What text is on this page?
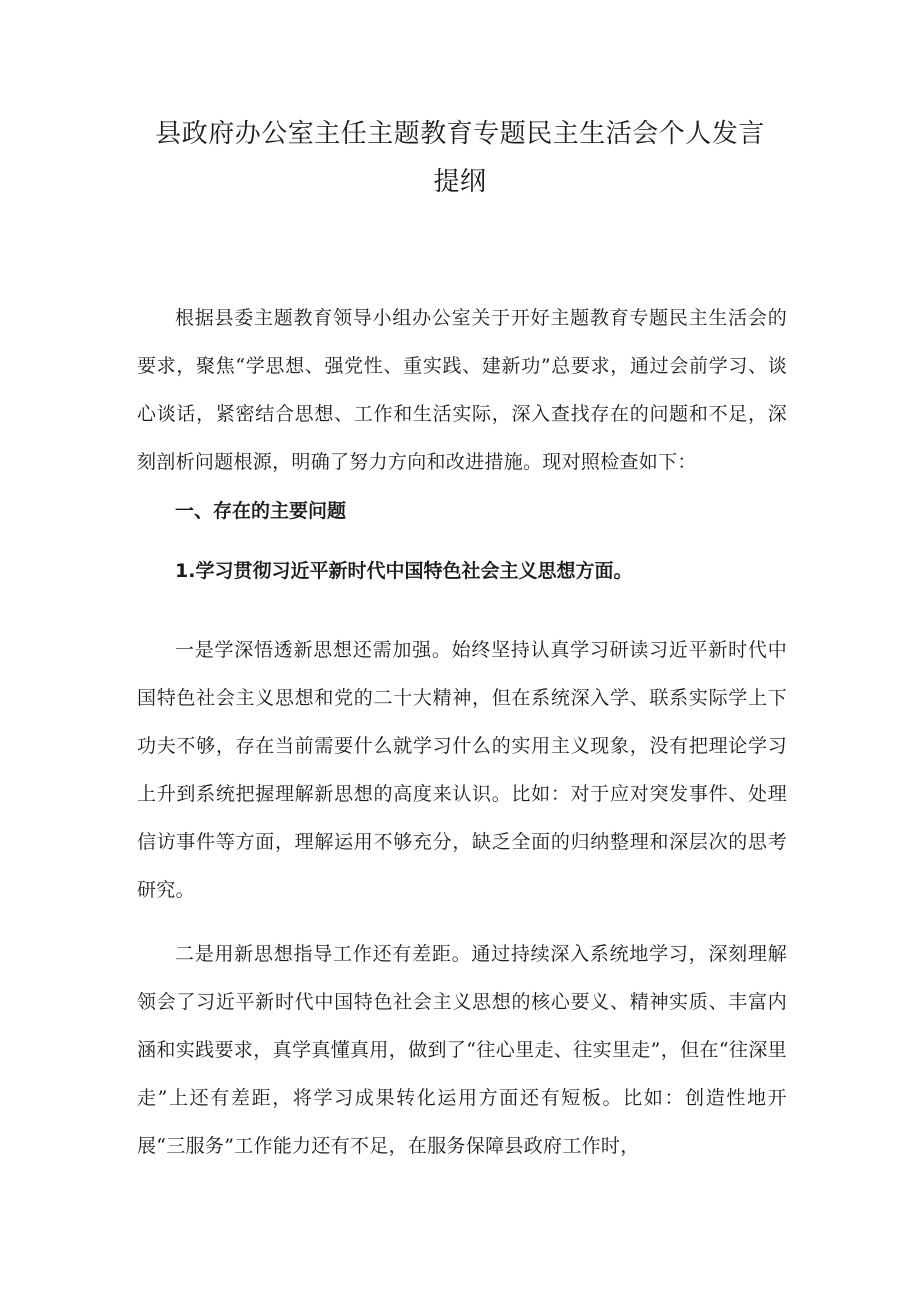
县政府办公室主任主题教育专题民主生活会个人发言
提纲

根据县委主题教育领导小组办公室关于开好主题教育专题民主生活会的要求，聚焦“学思想、强党性、重实践、建新功”总要求，通过会前学习、谈心谈话，紧密结合思想、工作和生活实际，深入查找存在的问题和不足，深刻剖析问题根源，明确了努力方向和改进措施。现对照检查如下：

一、存在的主要问题

1.学习贯彻习近平新时代中国特色社会主义思想方面。

一是学深悟透新思想还需加强。始终坚持认真学习研读习近平新时代中国特色社会主义思想和党的二十大精神，但在系统深入学、联系实际学上下功夫不够，存在当前需要什么就学习什么的实用主义现象，没有把理论学习上升到系统把握理解新思想的高度来认识。比如：对于应对突发事件、处理信访事件等方面，理解运用不够充分，缺乏全面的归纳整理和深层次的思考研究。

二是用新思想指导工作还有差距。通过持续深入系统地学习，深刻理解领会了习近平新时代中国特色社会主义思想的核心要义、精神实质、丰富内涵和实践要求，真学真懂真用，做到了“往心里走、往实里走”，但在“往深里走”上还有差距，将学习成果转化运用方面还有短板。比如：创造性地开展“三服务”工作能力还有不足，在服务保障县政府工作时，
